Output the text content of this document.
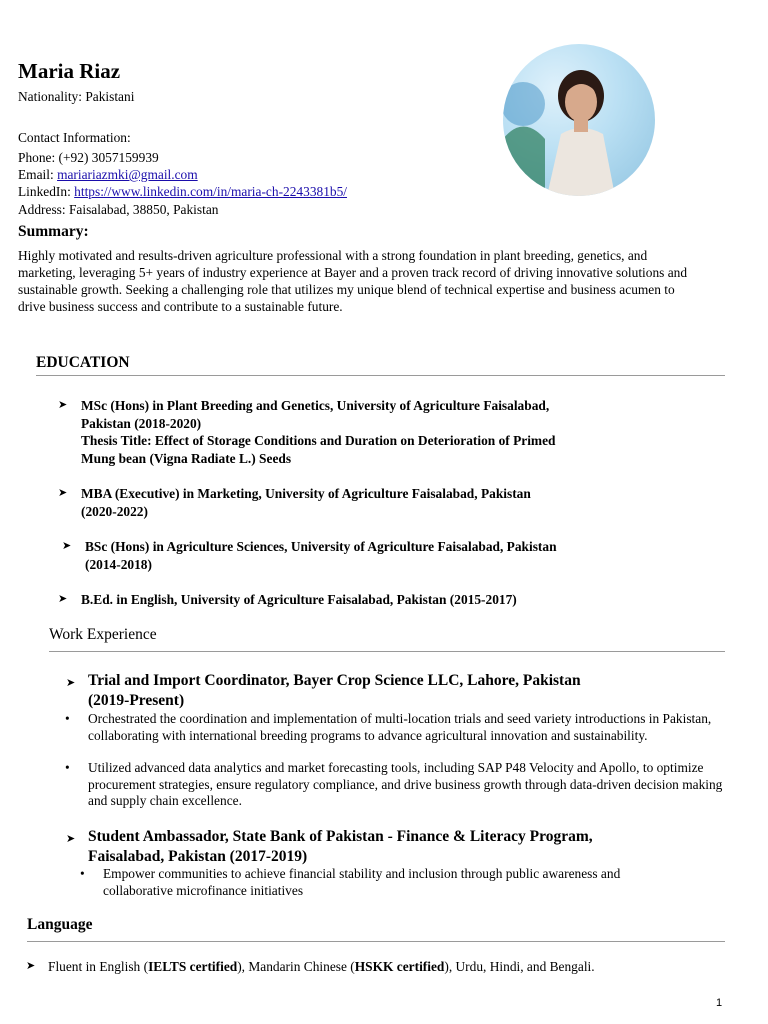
Maria Riaz
Nationality: Pakistani
Contact Information:
Phone: (+92) 3057159939
Email: mariariazmki@gmail.com
LinkedIn: https://www.linkedin.com/in/maria-ch-2243381b5/
Address: Faisalabad, 38850, Pakistan
Summary:
Highly motivated and results-driven agriculture professional with a strong foundation in plant breeding, genetics, and marketing, leveraging 5+ years of industry experience at Bayer and a proven track record of driving innovative solutions and sustainable growth. Seeking a challenging role that utilizes my unique blend of technical expertise and business acumen to drive business success and contribute to a sustainable future.
EDUCATION
➤ MSc (Hons) in Plant Breeding and Genetics, University of Agriculture Faisalabad,
Pakistan (2018-2020)
Thesis Title: Effect of Storage Conditions and Duration on Deterioration of Primed
Mung bean (Vigna Radiate L.) Seeds
➤ MBA (Executive) in Marketing, University of Agriculture Faisalabad, Pakistan
(2020-2022)
➤ BSc (Hons) in Agriculture Sciences, University of Agriculture Faisalabad, Pakistan
(2014-2018)
➤ B.Ed. in English, University of Agriculture Faisalabad, Pakistan (2015-2017)
Work Experience
➤ Trial and Import Coordinator, Bayer Crop Science LLC, Lahore, Pakistan
(2019-Present)
• Orchestrated the coordination and implementation of multi-location trials and seed variety introductions in Pakistan, collaborating with international breeding programs to advance agricultural innovation and sustainability.
• Utilized advanced data analytics and market forecasting tools, including SAP P48 Velocity and Apollo, to optimize procurement strategies, ensure regulatory compliance, and drive business growth through data-driven decision making and supply chain excellence.
➤ Student Ambassador, State Bank of Pakistan - Finance & Literacy Program,
Faisalabad, Pakistan (2017-2019)
• Empower communities to achieve financial stability and inclusion through public awareness and collaborative microfinance initiatives
Language
➤ Fluent in English (IELTS certified), Mandarin Chinese (HSKK certified), Urdu, Hindi, and Bengali.
1
